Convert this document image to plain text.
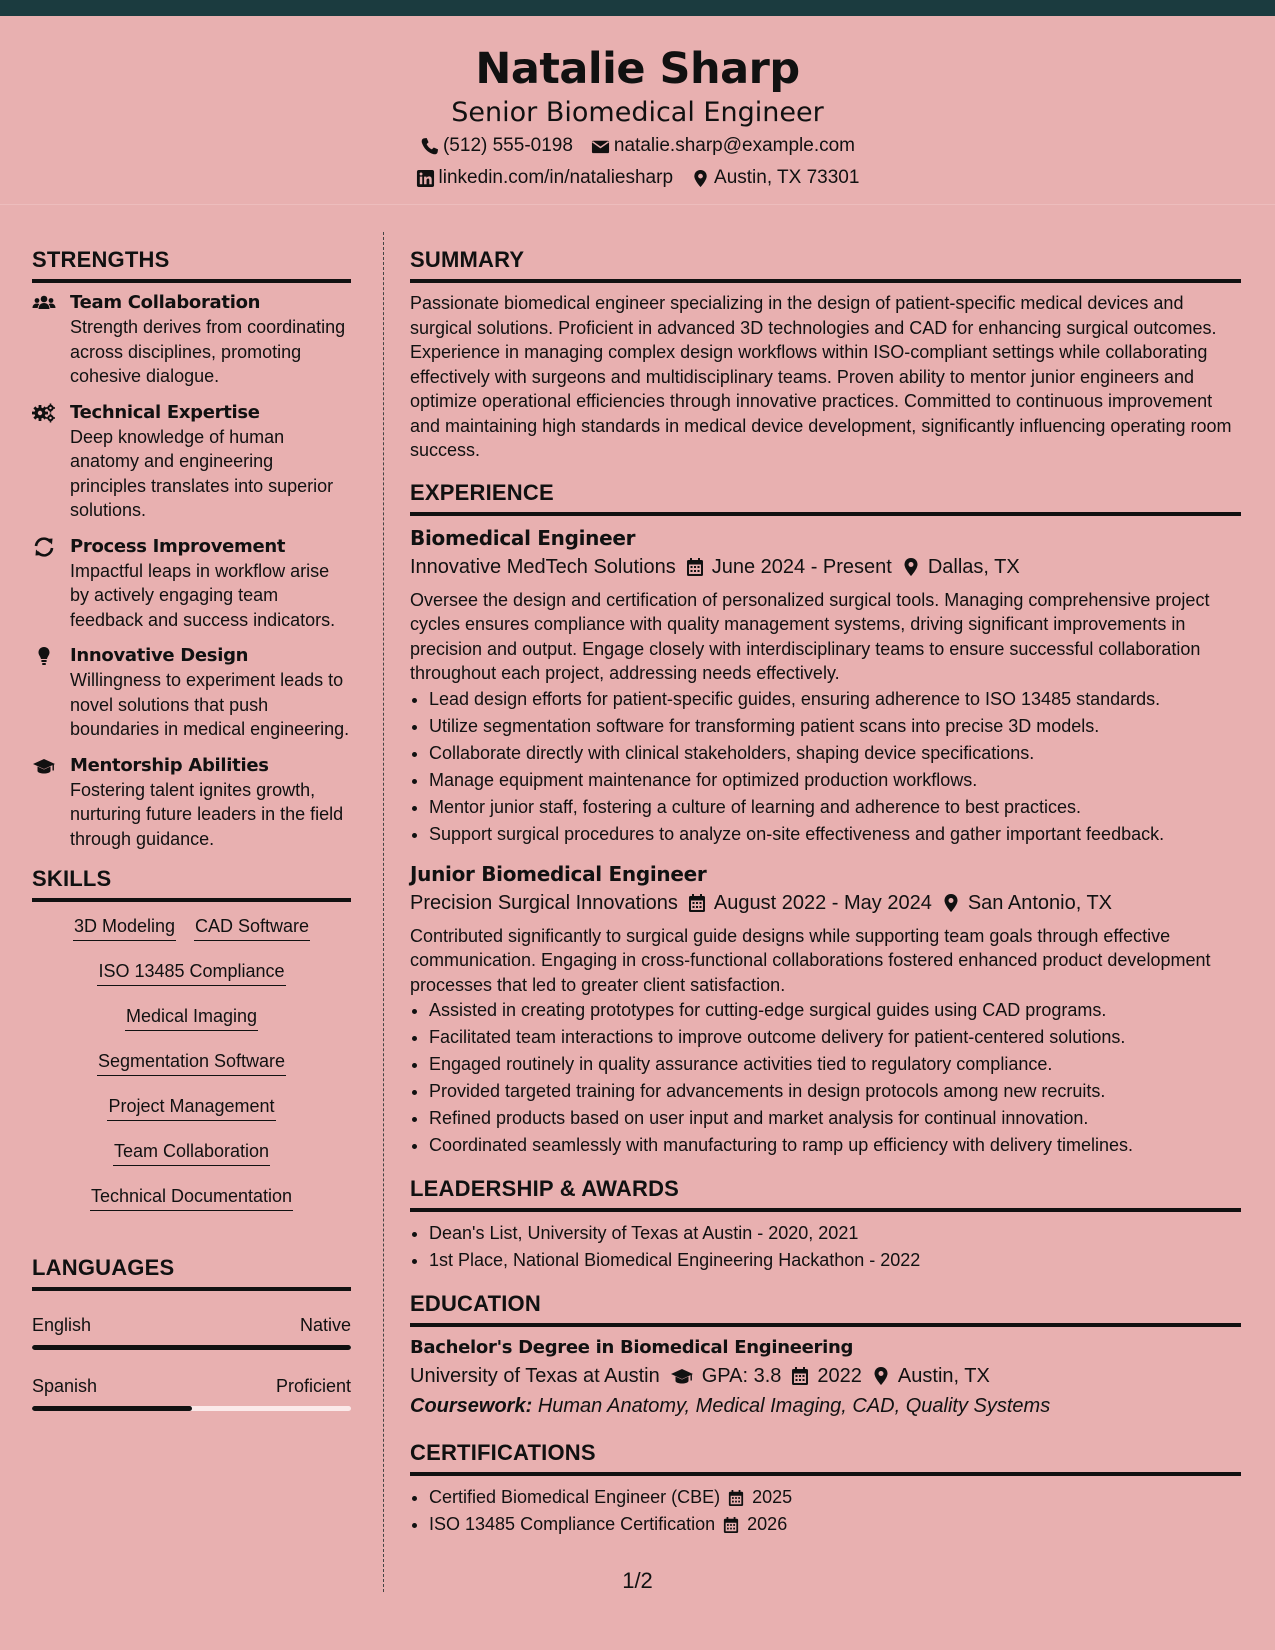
Natalie Sharp
Senior Biomedical Engineer
(512) 555-0198 natalie.sharp@example.com
linkedin.com/in/nataliesharp Austin, TX 73301
STRENGTHS
Team Collaboration
Strength derives from coordinating across disciplines, promoting cohesive dialogue.
Technical Expertise
Deep knowledge of human anatomy and engineering principles translates into superior solutions.
Process Improvement
Impactful leaps in workflow arise by actively engaging team feedback and success indicators.
Innovative Design
Willingness to experiment leads to novel solutions that push boundaries in medical engineering.
Mentorship Abilities
Fostering talent ignites growth, nurturing future leaders in the field through guidance.
SKILLS
3D Modeling CAD Software
ISO 13485 Compliance
Medical Imaging
Segmentation Software
Project Management
Team Collaboration
Technical Documentation
LANGUAGES
English	Native
Spanish	Proficient
SUMMARY
Passionate biomedical engineer specializing in the design of patient-specific medical devices and surgical solutions. Proficient in advanced 3D technologies and CAD for enhancing surgical outcomes. Experience in managing complex design workflows within ISO-compliant settings while collaborating effectively with surgeons and multidisciplinary teams. Proven ability to mentor junior engineers and optimize operational efficiencies through innovative practices. Committed to continuous improvement and maintaining high standards in medical device development, significantly influencing operating room success.
EXPERIENCE
Biomedical Engineer
Innovative MedTech Solutions June 2024 - Present Dallas, TX
Oversee the design and certification of personalized surgical tools. Managing comprehensive project cycles ensures compliance with quality management systems, driving significant improvements in precision and output. Engage closely with interdisciplinary teams to ensure successful collaboration throughout each project, addressing needs effectively.
• Lead design efforts for patient-specific guides, ensuring adherence to ISO 13485 standards.
• Utilize segmentation software for transforming patient scans into precise 3D models.
• Collaborate directly with clinical stakeholders, shaping device specifications.
• Manage equipment maintenance for optimized production workflows.
• Mentor junior staff, fostering a culture of learning and adherence to best practices.
• Support surgical procedures to analyze on-site effectiveness and gather important feedback.
Junior Biomedical Engineer
Precision Surgical Innovations August 2022 - May 2024 San Antonio, TX
Contributed significantly to surgical guide designs while supporting team goals through effective communication. Engaging in cross-functional collaborations fostered enhanced product development processes that led to greater client satisfaction.
• Assisted in creating prototypes for cutting-edge surgical guides using CAD programs.
• Facilitated team interactions to improve outcome delivery for patient-centered solutions.
• Engaged routinely in quality assurance activities tied to regulatory compliance.
• Provided targeted training for advancements in design protocols among new recruits.
• Refined products based on user input and market analysis for continual innovation.
• Coordinated seamlessly with manufacturing to ramp up efficiency with delivery timelines.
LEADERSHIP & AWARDS
• Dean's List, University of Texas at Austin - 2020, 2021
• 1st Place, National Biomedical Engineering Hackathon - 2022
EDUCATION
Bachelor's Degree in Biomedical Engineering
University of Texas at Austin GPA: 3.8 2022 Austin, TX
Coursework: Human Anatomy, Medical Imaging, CAD, Quality Systems
CERTIFICATIONS
• Certified Biomedical Engineer (CBE) 2025
• ISO 13485 Compliance Certification 2026
1/2
